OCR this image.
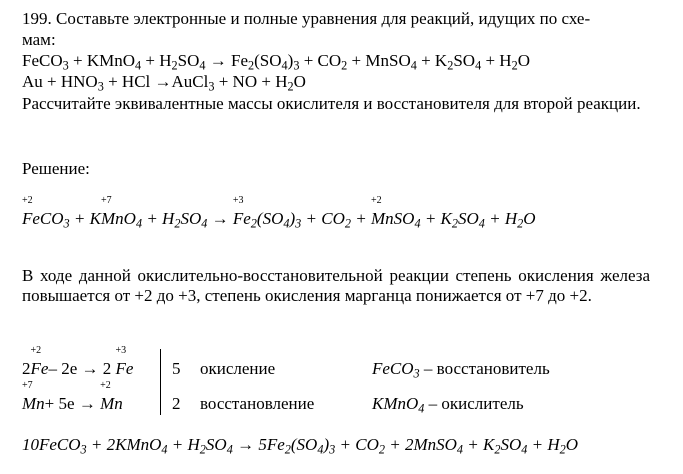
199. Составьте электронные и полные уравнения для реакций, идущих по схе-
мам:
FeCO$_3$ + KMnO$_4$ + $H_2SO_4 \to Fe_2(SO_4)_3 + CO_2$ + MnSO$_4$ + $K_2SO_4 + H_2O$
$Au + HNO_3$ + HCl →AuCl$_3$ + NO + $H_2O$
Рассчитайте эквивалентные массы окислителя и восстановителя для второй реакции.
Решение:
+2
FeCO$_3$ + K
+7
$MnO_4 + H_2SO_4$ →
+3
$Fe_2(SO_4)_3 + CO_2$ +
+2
MnSO$_4$ + $K_2SO_4 + H_2O$
В ходе данной окислительно-восстановительной реакции степень окисления железа повышается от +2 до +3, степень окисления марганца понижается от +7 до +2.
2
+2
Fe– 2e → 2
+3
Fe
+7
Mn+ 5e →
+2
Mn
5 окисление	FeCO$_3$ – восстановитель
2 восстановление	KMnO$_4$ – окислитель
10FeCO$_3$ + 2KMnO$_4$ + $H_2SO_4 \to 5Fe_2(SO_4)_3 + CO_2$ + 2MnSO$_4$ + $K_2SO_4 + H_2O$
